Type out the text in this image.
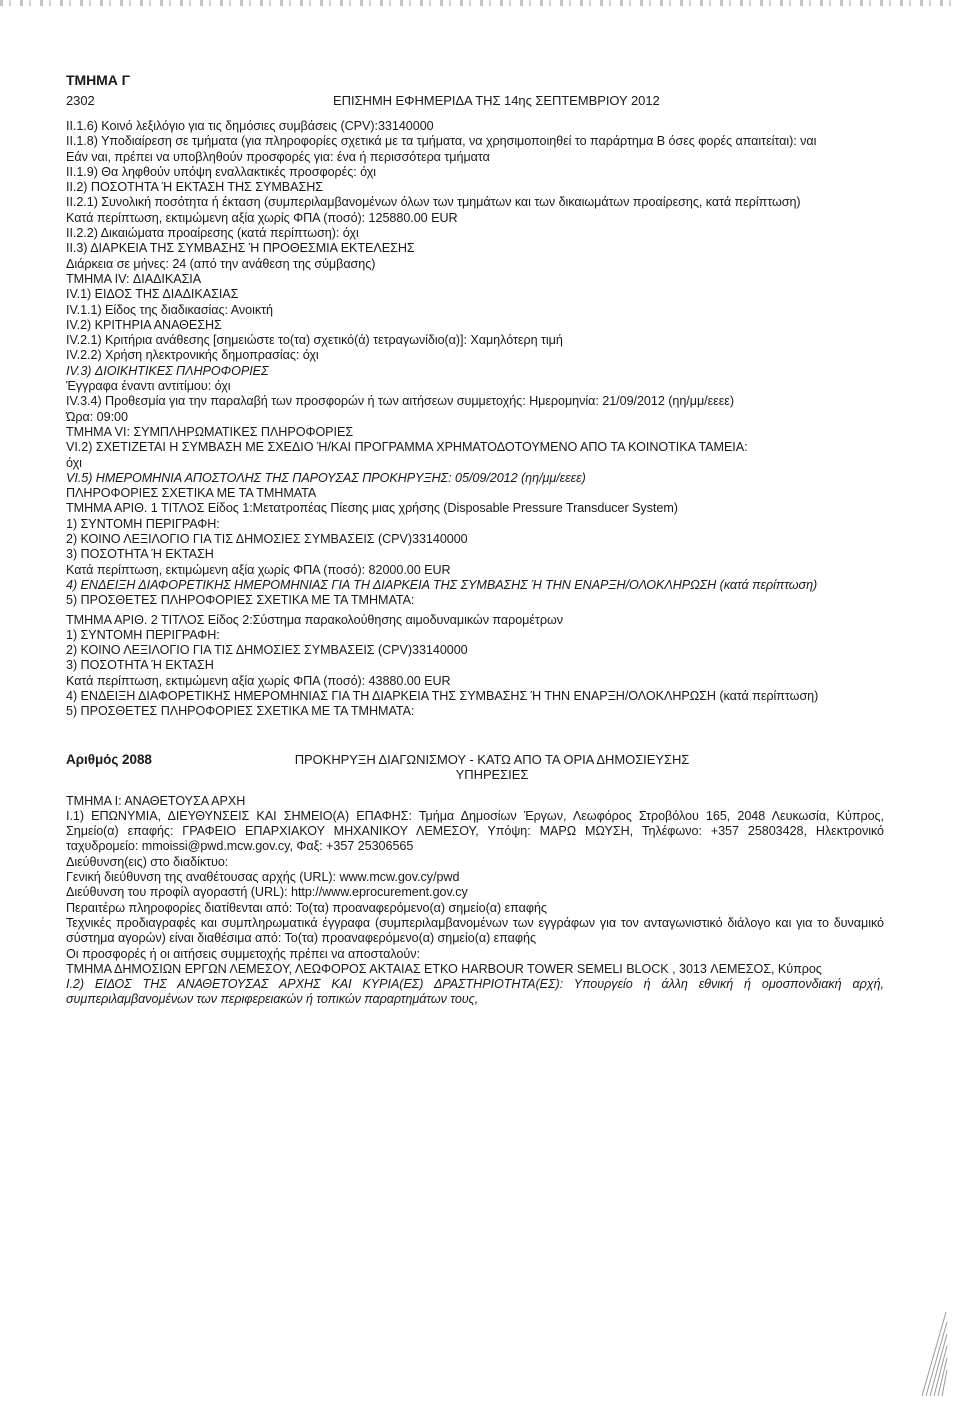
ΤΜΗΜΑ Γ
2302	ΕΠΙΣΗΜΗ ΕΦΗΜΕΡΙΔΑ ΤΗΣ 14ης ΣΕΠΤΕΜΒΡΙΟΥ 2012
ΙΙ.1.6) Κοινό λεξιλόγιο για τις δημόσιες συμβάσεις (CPV):33140000
ΙΙ.1.8) Υποδιαίρεση σε τμήματα (για πληροφορίες σχετικά με τα τμήματα, να χρησιμοποιηθεί το παράρτημα Β όσες φορές απαιτείται): ναι
Εάν ναι, πρέπει να υποβληθούν προσφορές για: ένα ή περισσότερα τμήματα
ΙΙ.1.9) Θα ληφθούν υπόψη εναλλακτικές προσφορές: όχι
ΙΙ.2) ΠΟΣΟΤΗΤΑ Ή ΕΚΤΑΣΗ ΤΗΣ ΣΥΜΒΑΣΗΣ
ΙΙ.2.1) Συνολική ποσότητα ή έκταση (συμπεριλαμβανομένων όλων των τμημάτων και των δικαιωμάτων προαίρεσης, κατά περίπτωση)
Κατά περίπτωση, εκτιμώμενη αξία χωρίς ΦΠΑ (ποσό): 125880.00 EUR
ΙΙ.2.2) Δικαιώματα προαίρεσης (κατά περίπτωση): όχι
ΙΙ.3) ΔΙΑΡΚΕΙΑ ΤΗΣ ΣΥΜΒΑΣΗΣ Ή ΠΡΟΘΕΣΜΙΑ ΕΚΤΕΛΕΣΗΣ
Διάρκεια σε μήνες: 24 (από την ανάθεση της σύμβασης)
ΤΜΗΜΑ IV: ΔΙΑΔΙΚΑΣΙΑ
IV.1) ΕΙΔΟΣ ΤΗΣ ΔΙΑΔΙΚΑΣΙΑΣ
IV.1.1) Είδος της διαδικασίας: Ανοικτή
IV.2) ΚΡΙΤΗΡΙΑ ΑΝΑΘΕΣΗΣ
IV.2.1) Κριτήρια ανάθεσης [σημειώστε το(τα) σχετικό(ά) τετραγωνίδιο(α)]: Χαμηλότερη τιμή
IV.2.2) Χρήση ηλεκτρονικής δημοπρασίας: όχι
IV.3) ΔΙΟΙΚΗΤΙΚΕΣ ΠΛΗΡΟΦΟΡΙΕΣ
Έγγραφα έναντι αντιτίμου: όχι
IV.3.4) Προθεσμία για την παραλαβή των προσφορών ή των αιτήσεων συμμετοχής: Ημερομηνία: 21/09/2012 (ηη/μμ/εεεε)
Ώρα: 09:00
ΤΜΗΜΑ VI: ΣΥΜΠΛΗΡΩΜΑΤΙΚΕΣ ΠΛΗΡΟΦΟΡΙΕΣ
VI.2) ΣΧΕΤΙΖΕΤΑΙ Η ΣΥΜΒΑΣΗ ΜΕ ΣΧΕΔΙΟ Ή/ΚΑΙ ΠΡΟΓΡΑΜΜΑ ΧΡΗΜΑΤΟΔΟΤΟΥΜΕΝΟ ΑΠΟ ΤΑ ΚΟΙΝΟΤΙΚΑ ΤΑΜΕΙΑ:
όχι
VI.5) ΗΜΕΡΟΜΗΝΙΑ ΑΠΟΣΤΟΛΗΣ ΤΗΣ ΠΑΡΟΥΣΑΣ ΠΡΟΚΗΡΥΞΗΣ: 05/09/2012 (ηη/μμ/εεεε)
ΠΛΗΡΟΦΟΡΙΕΣ ΣΧΕΤΙΚΑ ΜΕ ΤΑ ΤΜΗΜΑΤΑ
ΤΜΗΜΑ ΑΡΙΘ. 1 ΤΙΤΛΟΣ Είδος 1:Μετατροπέας Πίεσης μιας χρήσης (Disposable Pressure Transducer System)
1) ΣΥΝΤΟΜΗ ΠΕΡΙΓΡΑΦΗ:
2) ΚΟΙΝΟ ΛΕΞΙΛΟΓΙΟ ΓΙΑ ΤΙΣ ΔΗΜΟΣΙΕΣ ΣΥΜΒΑΣΕΙΣ (CPV)33140000
3) ΠΟΣΟΤΗΤΑ Ή ΕΚΤΑΣΗ
Κατά περίπτωση, εκτιμώμενη αξία χωρίς ΦΠΑ (ποσό): 82000.00 EUR
4) ΕΝΔΕΙΞΗ ΔΙΑΦΟΡΕΤΙΚΗΣ ΗΜΕΡΟΜΗΝΙΑΣ ΓΙΑ ΤΗ ΔΙΑΡΚΕΙΑ ΤΗΣ ΣΥΜΒΑΣΗΣ Ή ΤΗΝ ΕΝΑΡΞΗ/ΟΛΟΚΛΗΡΩΣΗ (κατά περίπτωση)
5) ΠΡΟΣΘΕΤΕΣ ΠΛΗΡΟΦΟΡΙΕΣ ΣΧΕΤΙΚΑ ΜΕ ΤΑ ΤΜΗΜΑΤΑ:
ΤΜΗΜΑ ΑΡΙΘ. 2 ΤΙΤΛΟΣ Είδος 2:Σύστημα παρακολούθησης αιμοδυναμικών παρομέτρων
1) ΣΥΝΤΟΜΗ ΠΕΡΙΓΡΑΦΗ:
2) ΚΟΙΝΟ ΛΕΞΙΛΟΓΙΟ ΓΙΑ ΤΙΣ ΔΗΜΟΣΙΕΣ ΣΥΜΒΑΣΕΙΣ (CPV)33140000
3) ΠΟΣΟΤΗΤΑ Ή ΕΚΤΑΣΗ
Κατά περίπτωση, εκτιμώμενη αξία χωρίς ΦΠΑ (ποσό): 43880.00 EUR
4) ΕΝΔΕΙΞΗ ΔΙΑΦΟΡΕΤΙΚΗΣ ΗΜΕΡΟΜΗΝΙΑΣ ΓΙΑ ΤΗ ΔΙΑΡΚΕΙΑ ΤΗΣ ΣΥΜΒΑΣΗΣ Ή ΤΗΝ ΕΝΑΡΞΗ/ΟΛΟΚΛΗΡΩΣΗ (κατά περίπτωση)
5) ΠΡΟΣΘΕΤΕΣ ΠΛΗΡΟΦΟΡΙΕΣ ΣΧΕΤΙΚΑ ΜΕ ΤΑ ΤΜΗΜΑΤΑ:
Αριθμός 2088	ΠΡΟΚΗΡΥΞΗ ΔΙΑΓΩΝΙΣΜΟΥ - ΚΑΤΩ ΑΠΟ ΤΑ ΟΡΙΑ ΔΗΜΟΣΙΕΥΣΗΣ
ΥΠΗΡΕΣΙΕΣ
ΤΜΗΜΑ Ι: ΑΝΑΘΕΤΟΥΣΑ ΑΡΧΗ
Ι.1) ΕΠΩΝΥΜΙΑ, ΔΙΕΥΘΥΝΣΕΙΣ ΚΑΙ ΣΗΜΕΙΟ(Α) ΕΠΑΦΗΣ: Τμήμα Δημοσίων Έργων, Λεωφόρος Στροβόλου 165, 2048 Λευκωσία, Κύπρος, Σημείο(α) επαφής: ΓΡΑΦΕΙΟ ΕΠΑΡΧΙΑΚΟΥ ΜΗΧΑΝΙΚΟΥ ΛΕΜΕΣΟΥ, Υπόψη: ΜΑΡΩ ΜΩΥΣΗ, Τηλέφωνο: +357 25803428, Ηλεκτρονικό ταχυδρομείο: mmoissi@pwd.mcw.gov.cy, Φαξ: +357 25306565
Διεύθυνση(εις) στο διαδίκτυο:
Γενική διεύθυνση της αναθέτουσας αρχής (URL): www.mcw.gov.cy/pwd
Διεύθυνση του προφίλ αγοραστή (URL): http://www.eprocurement.gov.cy
Περαιτέρω πληροφορίες διατίθενται από: Το(τα) προαναφερόμενο(α) σημείο(α) επαφής
Τεχνικές προδιαγραφές και συμπληρωματικά έγγραφα (συμπεριλαμβανομένων των εγγράφων για τον ανταγωνιστικό διάλογο και για το δυναμικό σύστημα αγορών) είναι διαθέσιμα από: Το(τα) προαναφερόμενο(α) σημείο(α) επαφής
Οι προσφορές ή οι αιτήσεις συμμετοχής πρέπει να αποσταλούν:
ΤΜΗΜΑ ΔΗΜΟΣΙΩΝ ΕΡΓΩΝ ΛΕΜΕΣΟΥ, ΛΕΩΦΟΡΟΣ ΑΚΤΑΙΑΣ ΕΤΚΟ HARBOUR TOWER SEMELI BLOCK , 3013 ΛΕΜΕΣΟΣ, Κύπρος
Ι.2) ΕΙΔΟΣ ΤΗΣ ΑΝΑΘΕΤΟΥΣΑΣ ΑΡΧΗΣ ΚΑΙ ΚΥΡΙΑ(ΕΣ) ΔΡΑΣΤΗΡΙΟΤΗΤΑ(ΕΣ): Υπουργείο ή άλλη εθνική ή ομοσπονδιακή αρχή, συμπεριλαμβανομένων των περιφερειακών ή τοπικών παραρτημάτων τους,
